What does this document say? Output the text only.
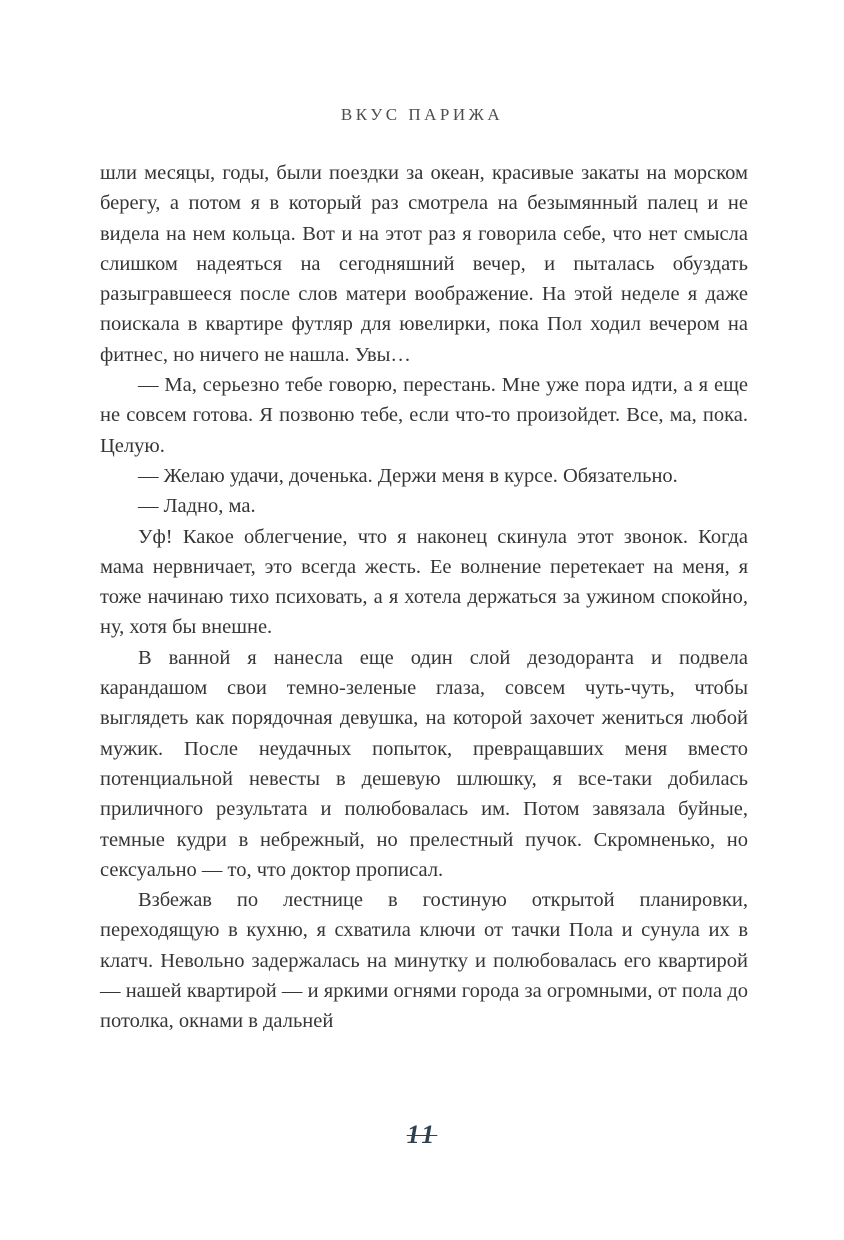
ВКУС ПАРИЖА

шли месяцы, годы, были поездки за океан, красивые закаты на морском берегу, а потом я в который раз смотрела на безымянный палец и не видела на нем кольца. Вот и на этот раз я говорила себе, что нет смысла слишком надеяться на сегодняшний вечер, и пыталась обуздать разыгравшееся после слов матери воображение. На этой неделе я даже поискала в квартире футляр для ювелирки, пока Пол ходил вечером на фитнес, но ничего не нашла. Увы…

— Ма, серьезно тебе говорю, перестань. Мне уже пора идти, а я еще не совсем готова. Я позвоню тебе, если что-то произойдет. Все, ма, пока. Целую.

— Желаю удачи, доченька. Держи меня в курсе. Обязательно.

— Ладно, ма.

Уф! Какое облегчение, что я наконец скинула этот звонок. Когда мама нервничает, это всегда жесть. Ее волнение перетекает на меня, я тоже начинаю тихо психовать, а я хотела держаться за ужином спокойно, ну, хотя бы внешне.

В ванной я нанесла еще один слой дезодоранта и подвела карандашом свои темно-зеленые глаза, совсем чуть-чуть, чтобы выглядеть как порядочная девушка, на которой захочет жениться любой мужик. После неудачных попыток, превращавших меня вместо потенциальной невесты в дешевую шлюшку, я все-таки добилась приличного результата и полюбовалась им. Потом завязала буйные, темные кудри в небрежный, но прелестный пучок. Скромненько, но сексуально — то, что доктор прописал.

Взбежав по лестнице в гостиную открытой планировки, переходящую в кухню, я схватила ключи от тачки Пола и сунула их в клатч. Невольно задержалась на минутку и полюбовалась его квартирой — нашей квартирой — и яркими огнями города за огромными, от пола до потолка, окнами в дальней

11
